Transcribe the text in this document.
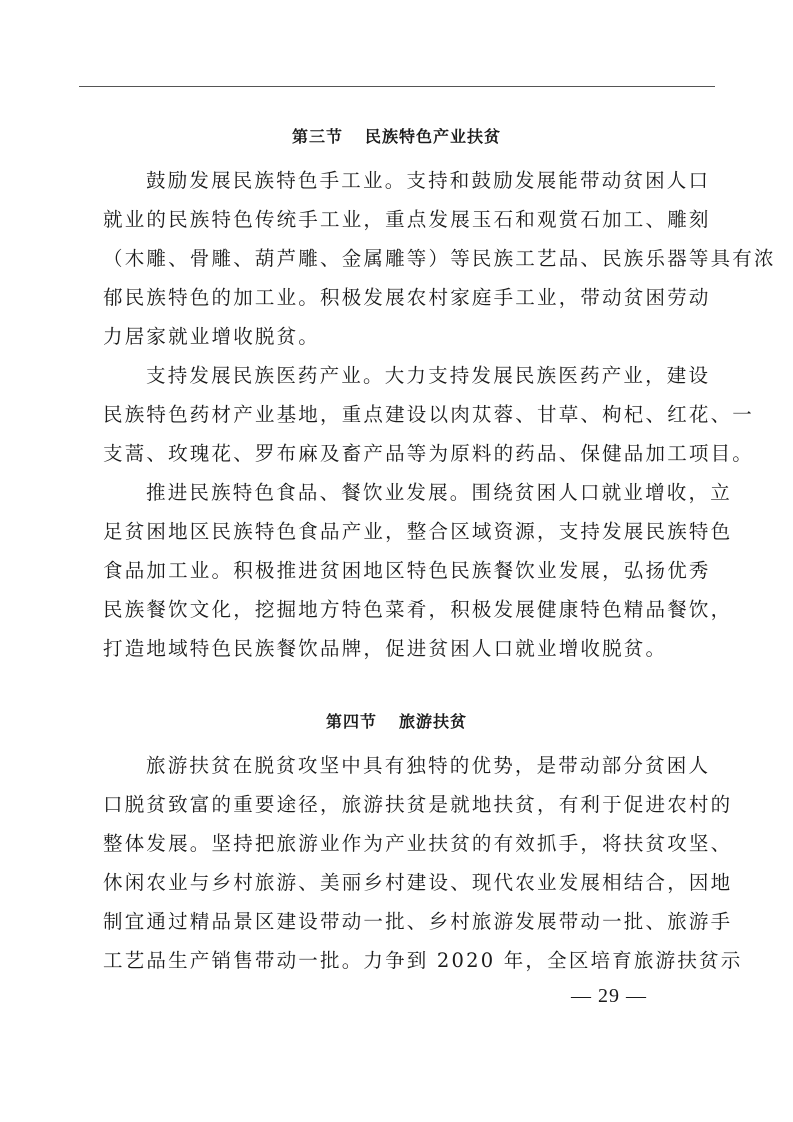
第三节 民族特色产业扶贫
鼓励发展民族特色手工业。支持和鼓励发展能带动贫困人口
就业的民族特色传统手工业，重点发展玉石和观赏石加工、雕刻
（木雕、骨雕、葫芦雕、金属雕等）等民族工艺品、民族乐器等具有浓
郁民族特色的加工业。积极发展农村家庭手工业，带动贫困劳动
力居家就业增收脱贫。
支持发展民族医药产业。大力支持发展民族医药产业，建设
民族特色药材产业基地，重点建设以肉苁蓉、甘草、枸杞、红花、一
支蒿、玫瑰花、罗布麻及畜产品等为原料的药品、保健品加工项目。
推进民族特色食品、餐饮业发展。围绕贫困人口就业增收，立
足贫困地区民族特色食品产业，整合区域资源，支持发展民族特色
食品加工业。积极推进贫困地区特色民族餐饮业发展，弘扬优秀
民族餐饮文化，挖掘地方特色菜肴，积极发展健康特色精品餐饮，
打造地域特色民族餐饮品牌，促进贫困人口就业增收脱贫。
第四节 旅游扶贫
旅游扶贫在脱贫攻坚中具有独特的优势，是带动部分贫困人
口脱贫致富的重要途径，旅游扶贫是就地扶贫，有利于促进农村的
整体发展。坚持把旅游业作为产业扶贫的有效抓手，将扶贫攻坚、
休闲农业与乡村旅游、美丽乡村建设、现代农业发展相结合，因地
制宜通过精品景区建设带动一批、乡村旅游发展带动一批、旅游手
工艺品生产销售带动一批。力争到 2020 年，全区培育旅游扶贫示
— 29 —
